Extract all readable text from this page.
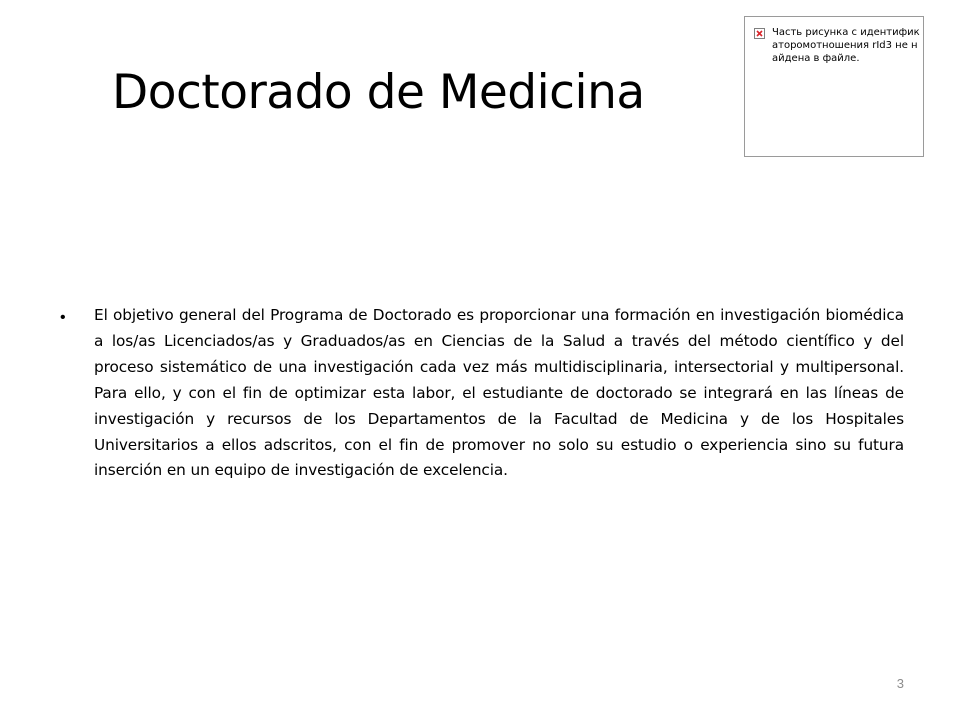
Doctorado de Medicina
Часть рисунка с идентификаторомотношения rId3 не найдена в файле.
• El objetivo general del Programa de Doctorado es proporcionar una formación en investigación biomédica a los/as Licenciados/as y Graduados/as en Ciencias de la Salud a través del método científico y del proceso sistemático de una investigación cada vez más multidisciplinaria, intersectorial y multipersonal. Para ello, y con el fin de optimizar esta labor, el estudiante de doctorado se integrará en las líneas de investigación y recursos de los Departamentos de la Facultad de Medicina y de los Hospitales Universitarios a ellos adscritos, con el fin de promover no solo su estudio o experiencia sino su futura inserción en un equipo de investigación de excelencia.
3
